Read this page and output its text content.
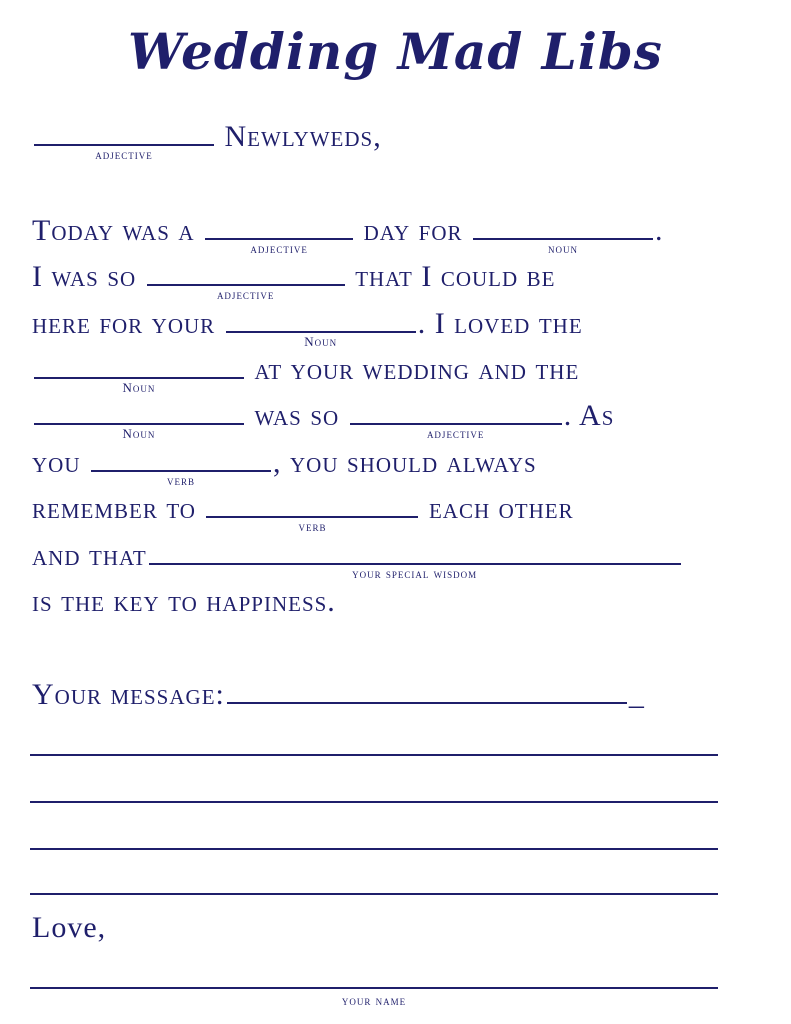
Wedding Mad Libs
adjective
Newlyweds,
Today was a
adjective
day for
noun
.
I was so
adjective
that I could be
here for your
Noun
. I loved the
Noun
at your wedding and the
Noun
was so
adjective
. As
you
verb
, you should always
remember to
verb
each other
and that
your special wisdom
is the key to happiness.
Your message:	_
Love,
your name
